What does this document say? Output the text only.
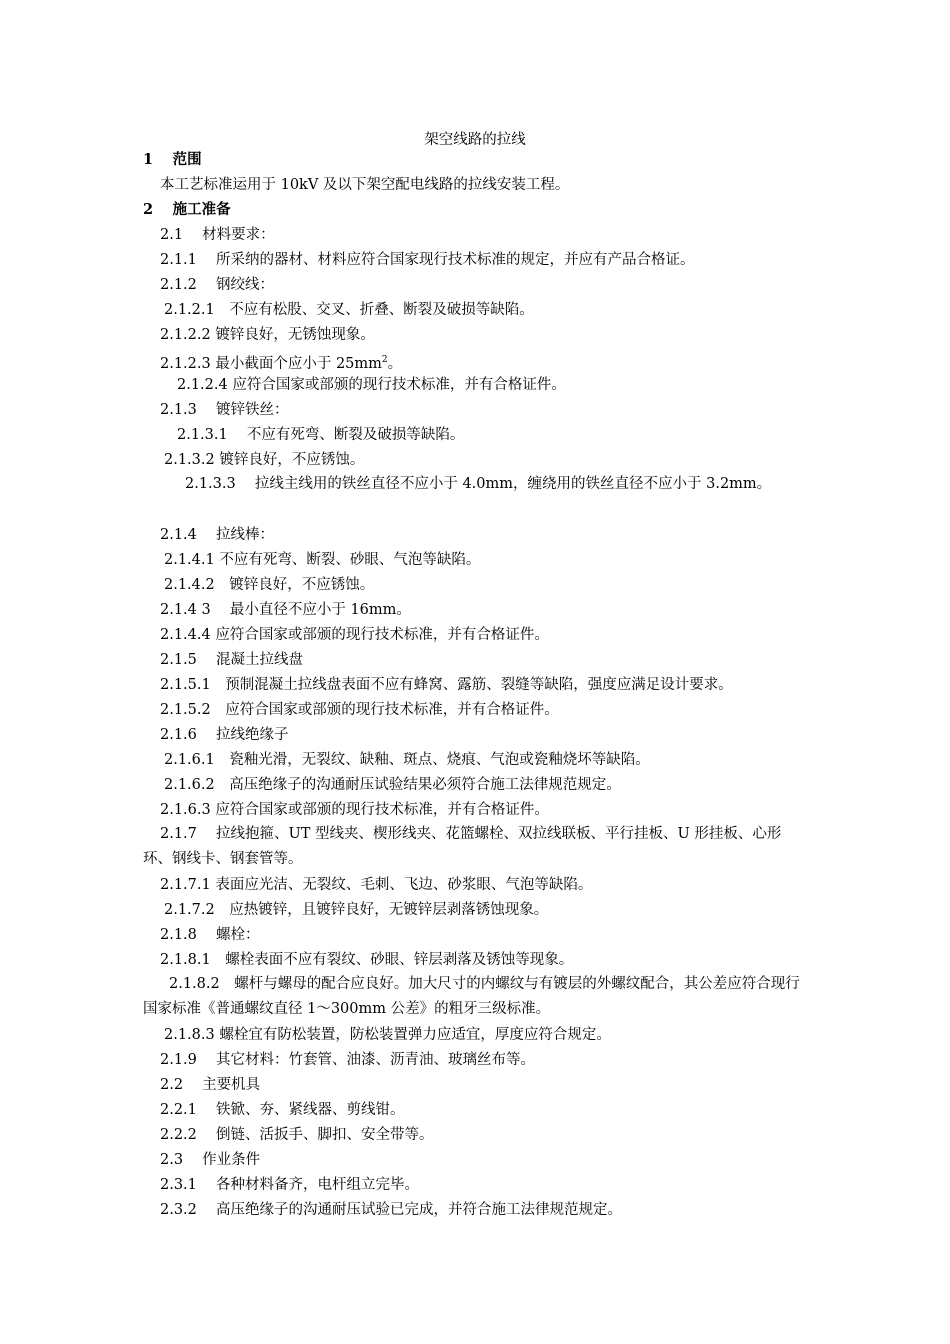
架空线路的拉线
1　 范围
本工艺标准运用于 10kV 及以下架空配电线路的拉线安装工程。
2　 施工准备
2.1　 材料要求：
2.1.1　 所采纳的器材、材料应符合国家现行技术标准的规定，并应有产品合格证。
2.1.2　 钢绞线：
2.1.2.1　不应有松股、交叉、折叠、断裂及破损等缺陷。
2.1.2.2 镀锌良好，无锈蚀现象。
2.1.2.3 最小截面个应小于 $25mm^2$。
2.1.2.4 应符合国家或部颁的现行技术标准，并有合格证件。
2.1.3　 镀锌铁丝：
2.1.3.1　 不应有死弯、断裂及破损等缺陷。
2.1.3.2 镀锌良好，不应锈蚀。
2.1.3.3　 拉线主线用的铁丝直径不应小于 4.0mm，缠绕用的铁丝直径不应小于 3.2mm。
2.1.4　 拉线棒：
2.1.4.1 不应有死弯、断裂、砂眼、气泡等缺陷。
2.1.4.2　镀锌良好，不应锈蚀。
2.1.4 3　 最小直径不应小于 16mm。
2.1.4.4 应符合国家或部颁的现行技术标准，并有合格证件。
2.1.5　 混凝土拉线盘
2.1.5.1　预制混凝土拉线盘表面不应有蜂窝、露筋、裂缝等缺陷，强度应满足设计要求。
2.1.5.2　应符合国家或部颁的现行技术标准，并有合格证件。
2.1.6　 拉线绝缘子
2.1.6.1　瓷釉光滑，无裂纹、缺釉、斑点、烧痕、气泡或瓷釉烧坏等缺陷。
2.1.6.2　高压绝缘子的沟通耐压试验结果必须符合施工法律规范规定。
2.1.6.3 应符合国家或部颁的现行技术标准，并有合格证件。
2.1.7　 拉线抱箍、UT 型线夹、楔形线夹、花篮螺栓、双拉线联板、平行挂板、U 形挂板、心形环、钢线卡、钢套管等。
2.1.7.1 表面应光洁、无裂纹、毛刺、飞边、砂浆眼、气泡等缺陷。
2.1.7.2　应热镀锌，且镀锌良好，无镀锌层剥落锈蚀现象。
2.1.8　 螺栓：
2.1.8.1　螺栓表面不应有裂纹、砂眼、锌层剥落及锈蚀等现象。
2.1.8.2　螺杆与螺母的配合应良好。加大尺寸的内螺纹与有镀层的外螺纹配合，其公差应符合现行国家标准《普通螺纹直径 1～300mm 公差》的粗牙三级标准。
2.1.8.3 螺栓宜有防松装置，防松装置弹力应适宜，厚度应符合规定。
2.1.9　 其它材料：竹套管、油漆、沥青油、玻璃丝布等。
2.2　 主要机具
2.2.1　 铁锨、夯、紧线器、剪线钳。
2.2.2　 倒链、活扳手、脚扣、安全带等。
2.3　 作业条件
2.3.1　 各种材料备齐，电杆组立完毕。
2.3.2　 高压绝缘子的沟通耐压试验已完成，并符合施工法律规范规定。
